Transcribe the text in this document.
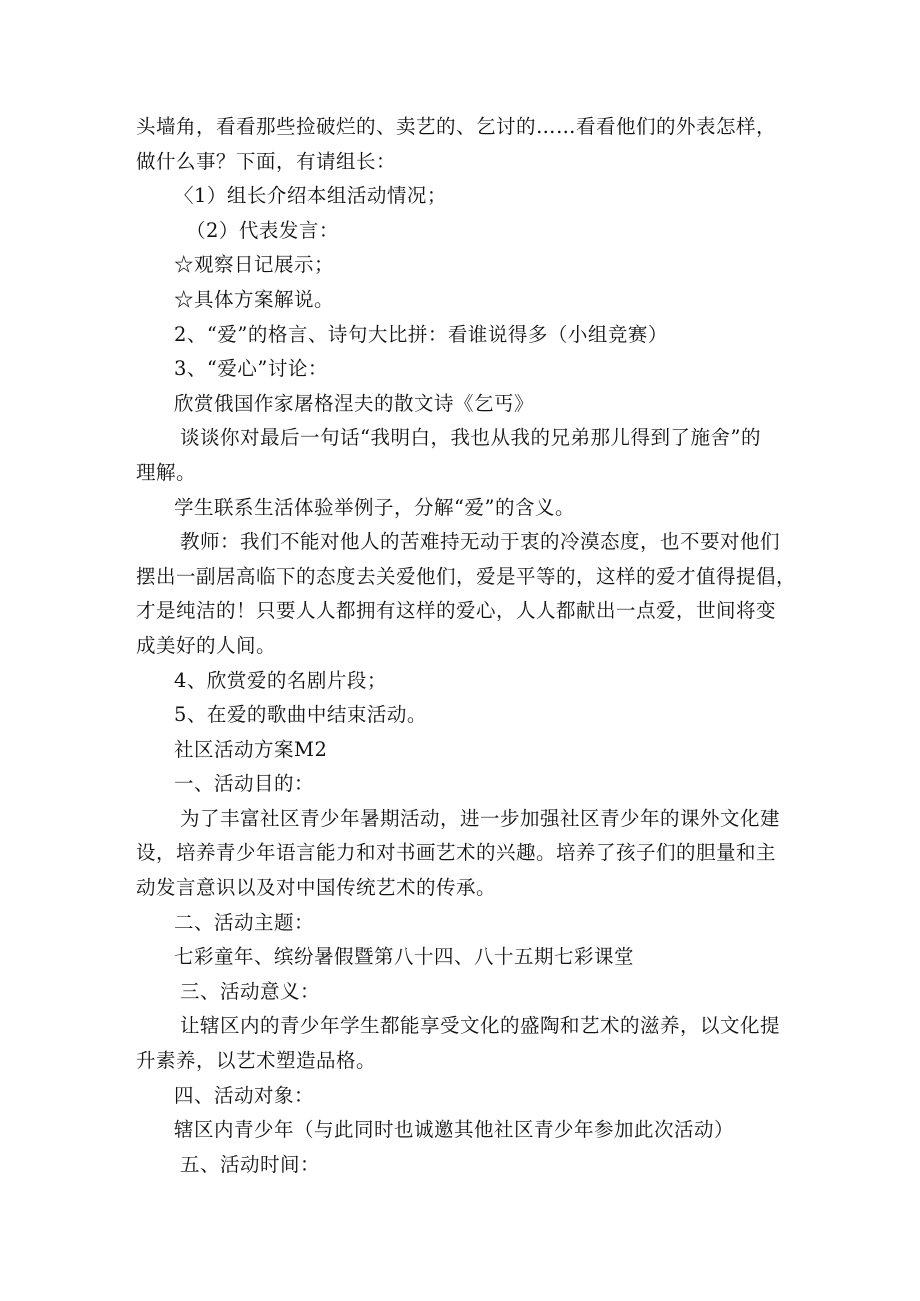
头墙角，看看那些捡破烂的、卖艺的、乞讨的……看看他们的外表怎样，

做什么事？下面，有请组长：

〈1）组长介绍本组活动情况；

（2）代表发言：

☆观察日记展示；

☆具体方案解说。

2、“爱”的格言、诗句大比拼：看谁说得多（小组竞赛）

3、“爱心”讨论：

欣赏俄国作家屠格涅夫的散文诗《乞丐》

谈谈你对最后一句话“我明白，我也从我的兄弟那儿得到了施舍”的

理解。

学生联系生活体验举例子，分解“爱”的含义。

教师：我们不能对他人的苦难持无动于衷的冷漠态度，也不要对他们

摆出一副居高临下的态度去关爱他们，爱是平等的，这样的爱才值得提倡，

才是纯洁的！只要人人都拥有这样的爱心，人人都献出一点爱，世间将变

成美好的人间。

4、欣赏爱的名剧片段；

5、在爱的歌曲中结束活动。

社区活动方案M2

一、活动目的：

为了丰富社区青少年暑期活动，进一步加强社区青少年的课外文化建

设，培养青少年语言能力和对书画艺术的兴趣。培养了孩子们的胆量和主

动发言意识以及对中国传统艺术的传承。

二、活动主题：

七彩童年、缤纷暑假暨第八十四、八十五期七彩课堂

三、活动意义：

让辖区内的青少年学生都能享受文化的盛陶和艺术的滋养，以文化提

升素养，以艺术塑造品格。

四、活动对象：

辖区内青少年（与此同时也诚邀其他社区青少年参加此次活动）

五、活动时间：
